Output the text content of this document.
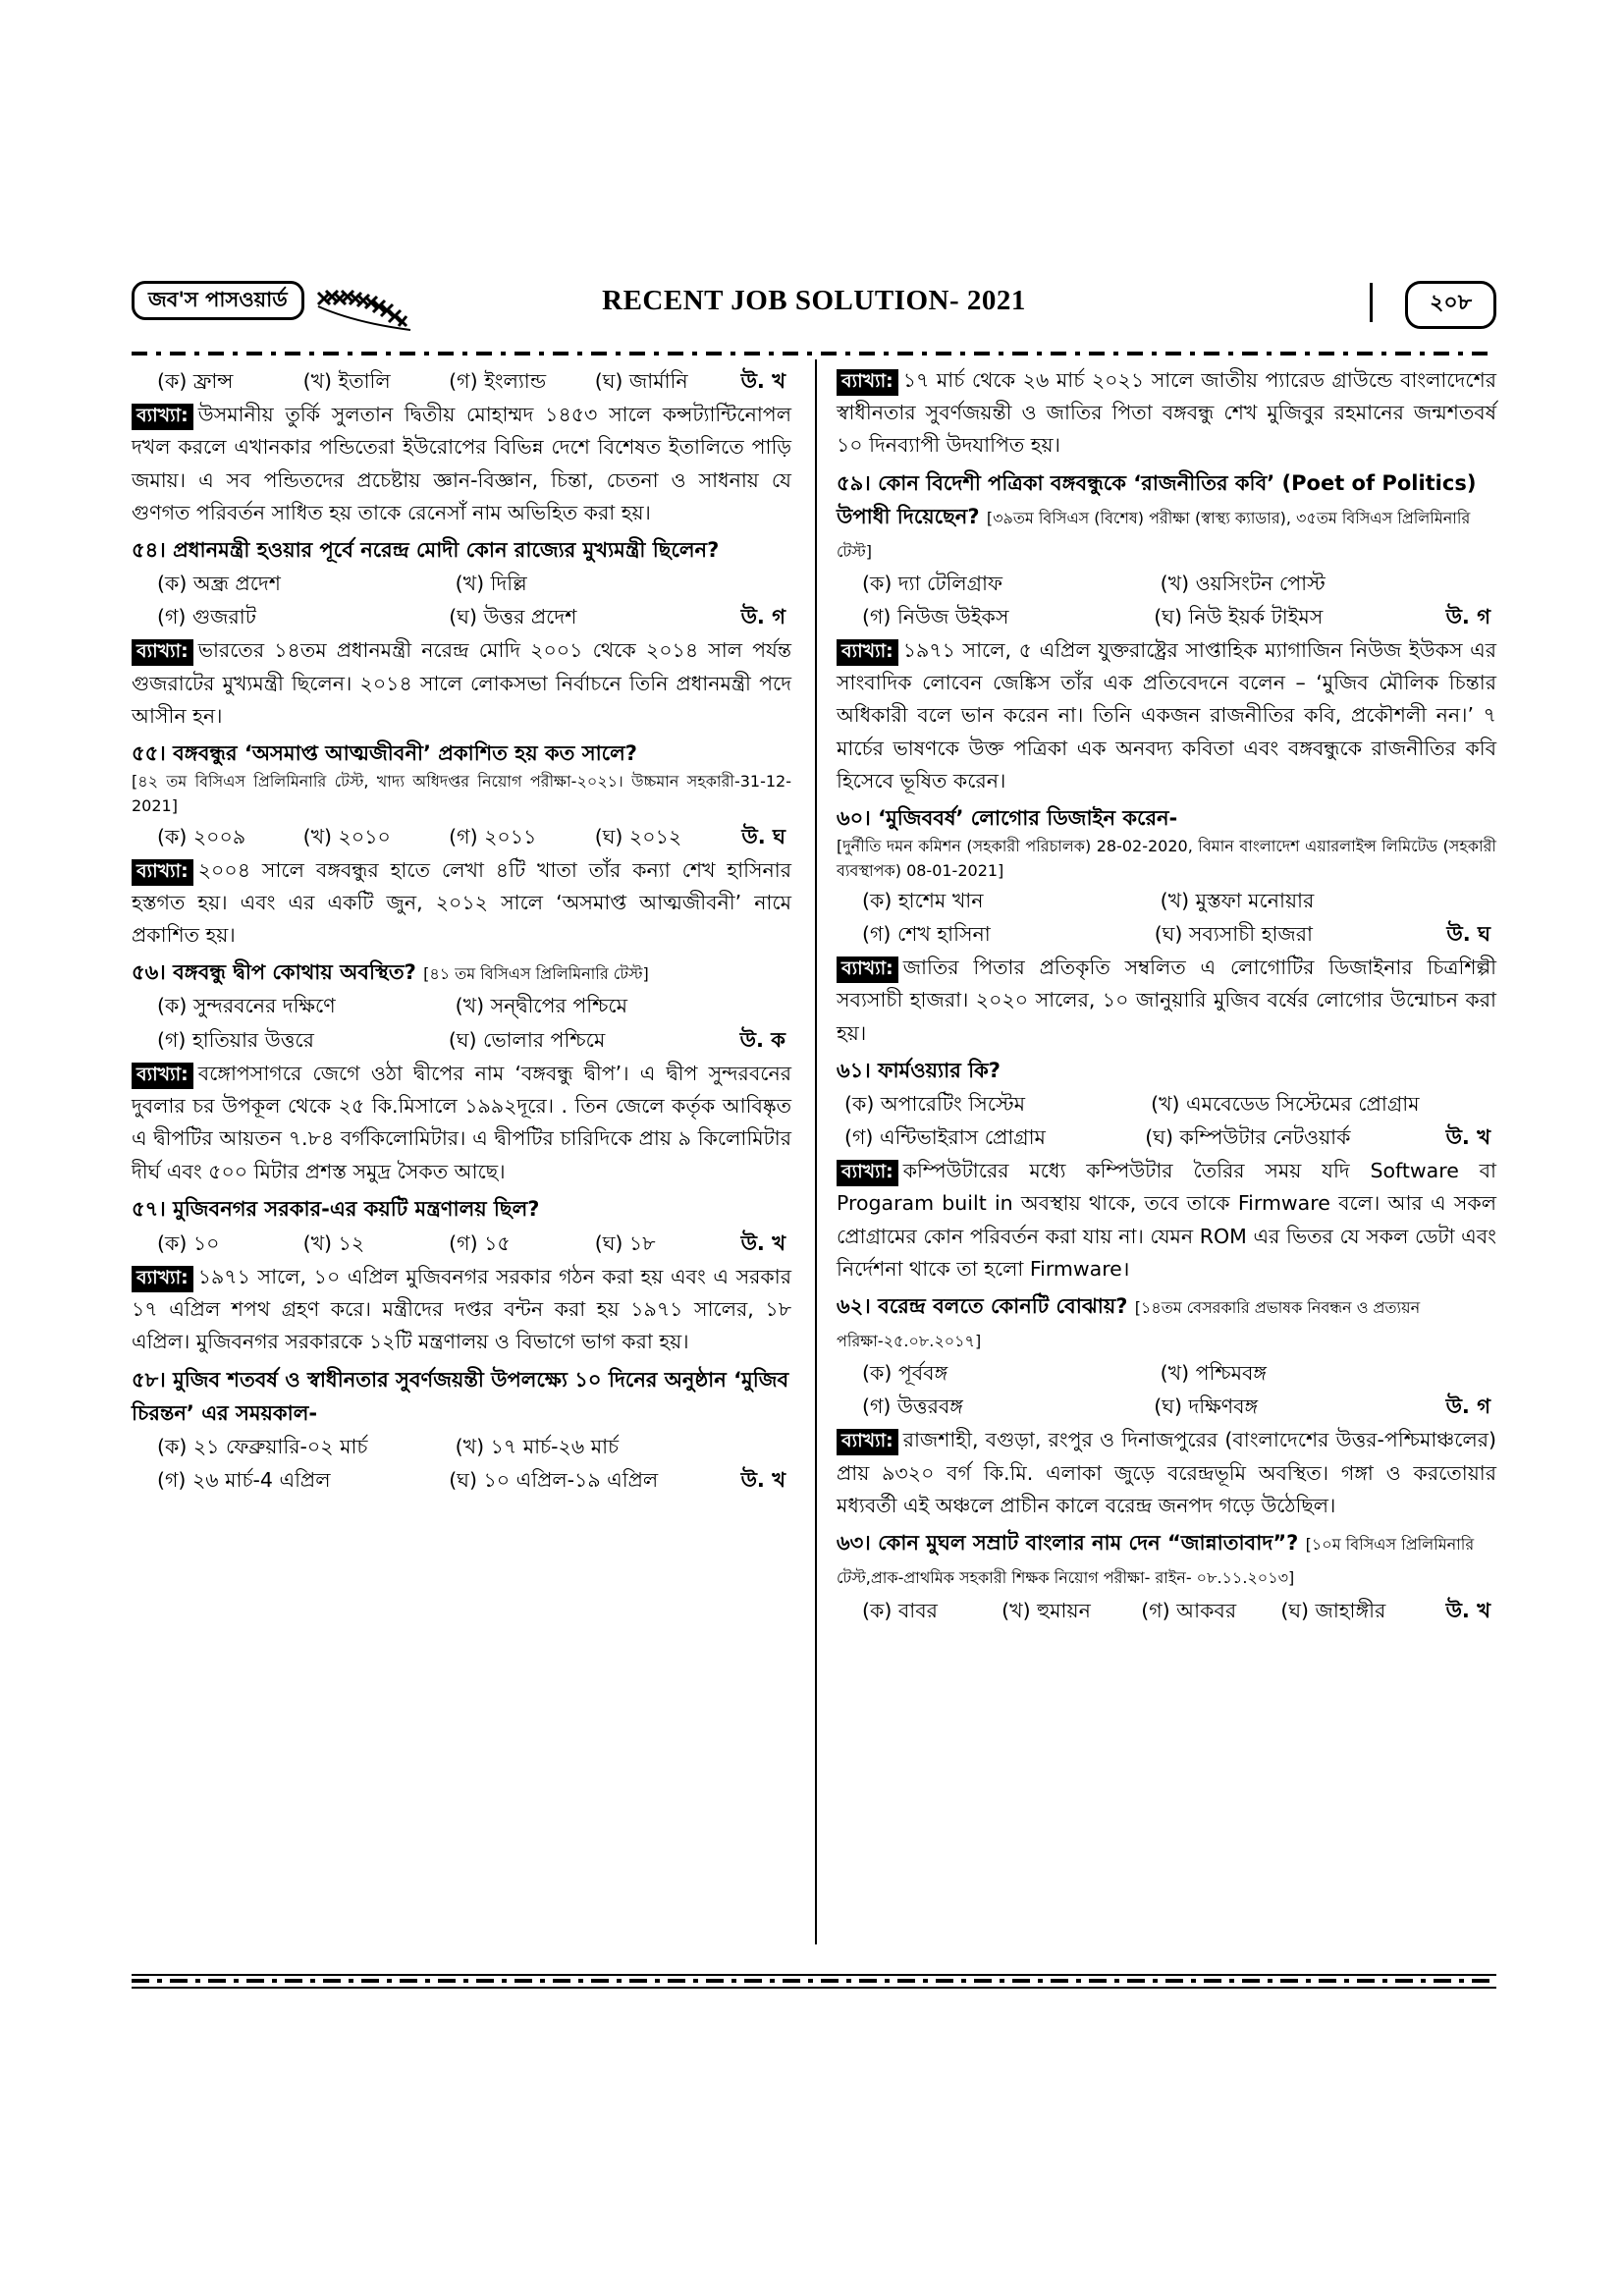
জব'স পাসওয়ার্ড	RECENT JOB SOLUTION- 2021	২০৮
(ক) ফ্রান্স	(খ) ইতালি	(গ) ইংল্যান্ড	(ঘ) জার্মানি	উ. খ
ব্যাখ্যা: উসমানীয় তুর্কি সুলতান দ্বিতীয় মোহাম্মদ ১৪৫৩ সালে কন্সট্যান্টিনোপল দখল করলে এখানকার পন্ডিতেরা ইউরোপের বিভিন্ন দেশে বিশেষত ইতালিতে পাড়ি জমায়। এ সব পন্ডিতদের প্রচেষ্টায় জ্ঞান-বিজ্ঞান, চিন্তা, চেতনা ও সাধনায় যে গুণগত পরিবর্তন সাধিত হয় তাকে রেনেসাঁ নাম অভিহিত করা হয়।
৫৪। প্রধানমন্ত্রী হওয়ার পূর্বে নরেন্দ্র মোদী কোন রাজ্যের মুখ্যমন্ত্রী ছিলেন?
(ক) অন্ধ্র প্রদেশ	(খ) দিল্লি
(গ) গুজরাট	(ঘ) উত্তর প্রদেশ	উ. গ
ব্যাখ্যা: ভারতের ১৪তম প্রধানমন্ত্রী নরেন্দ্র মোদি ২০০১ থেকে ২০১৪ সাল পর্যন্ত গুজরাটের মুখ্যমন্ত্রী ছিলেন। ২০১৪ সালে লোকসভা নির্বাচনে তিনি প্রধানমন্ত্রী পদে আসীন হন।
৫৫। বঙ্গবন্ধুর ‘অসমাপ্ত আত্মজীবনী’ প্রকাশিত হয় কত সালে?
[৪২ তম বিসিএস প্রিলিমিনারি টেস্ট, খাদ্য অধিদপ্তর নিয়োগ পরীক্ষা-২০২১। উচ্চমান সহকারী-31-12-2021]
(ক) ২০০৯	(খ) ২০১০	(গ) ২০১১	(ঘ) ২০১২	উ. ঘ
ব্যাখ্যা: ২০০৪ সালে বঙ্গবন্ধুর হাতে লেখা ৪টি খাতা তাঁর কন্যা শেখ হাসিনার হস্তগত হয়। এবং এর একটি জুন, ২০১২ সালে ‘অসমাপ্ত আত্মজীবনী’ নামে প্রকাশিত হয়।
৫৬। বঙ্গবন্ধু দ্বীপ কোথায় অবস্থিত? [৪১ তম বিসিএস প্রিলিমিনারি টেস্ট]
(ক) সুন্দরবনের দক্ষিণে	(খ) সন্দ্বীপের পশ্চিমে
(গ) হাতিয়ার উত্তরে	(ঘ) ভোলার পশ্চিমে	উ. ক
ব্যাখ্যা: বঙ্গোপসাগরে জেগে ওঠা দ্বীপের নাম ‘বঙ্গবন্ধু দ্বীপ’। এ দ্বীপ সুন্দরবনের দুবলার চর উপকূল থেকে ২৫ কি.মিসালে ১৯৯২দূরে। . তিন জেলে কর্তৃক আবিষ্কৃত এ দ্বীপটির আয়তন ৭.৮৪ বর্গকিলোমিটার। এ দ্বীপটির চারিদিকে প্রায় ৯ কিলোমিটার দীর্ঘ এবং ৫০০ মিটার প্রশস্ত সমুদ্র সৈকত আছে।
৫৭। মুজিবনগর সরকার-এর কয়টি মন্ত্রণালয় ছিল?
(ক) ১০	(খ) ১২	(গ) ১৫	(ঘ) ১৮	উ. খ
ব্যাখ্যা: ১৯৭১ সালে, ১০ এপ্রিল মুজিবনগর সরকার গঠন করা হয় এবং এ সরকার ১৭ এপ্রিল শপথ গ্রহণ করে। মন্ত্রীদের দপ্তর বন্টন করা হয় ১৯৭১ সালের, ১৮ এপ্রিল। মুজিবনগর সরকারকে ১২টি মন্ত্রণালয় ও বিভাগে ভাগ করা হয়।
৫৮। মুজিব শতবর্ষ ও স্বাধীনতার সুবর্ণজয়ন্তী উপলক্ষ্যে ১০ দিনের অনুষ্ঠান ‘মুজিব চিরন্তন’ এর সময়কাল-
(ক) ২১ ফেব্রুয়ারি-০২ মার্চ	(খ) ১৭ মার্চ-২৬ মার্চ
(গ) ২৬ মার্চ-4 এপ্রিল	(ঘ) ১০ এপ্রিল-১৯ এপ্রিল	উ. খ
ব্যাখ্যা: ১৭ মার্চ থেকে ২৬ মার্চ ২০২১ সালে জাতীয় প্যারেড গ্রাউন্ডে বাংলাদেশের স্বাধীনতার সুবর্ণজয়ন্তী ও জাতির পিতা বঙ্গবন্ধু শেখ মুজিবুর রহমানের জন্মশতবর্ষ ১০ দিনব্যাপী উদযাপিত হয়।
৫৯। কোন বিদেশী পত্রিকা বঙ্গবন্ধুকে ‘রাজনীতির কবি’ (Poet of Politics) উপাধী দিয়েছেন? [৩৯তম বিসিএস (বিশেষ) পরীক্ষা (স্বাস্থ্য ক্যাডার), ৩৫তম বিসিএস প্রিলিমিনারি টেস্ট]
(ক) দ্যা টেলিগ্রাফ	(খ) ওয়সিংটন পোস্ট
(গ) নিউজ উইকস	(ঘ) নিউ ইয়র্ক টাইমস	উ. গ
ব্যাখ্যা: ১৯৭১ সালে, ৫ এপ্রিল যুক্তরাষ্ট্রের সাপ্তাহিক ম্যাগাজিন নিউজ ইউকস এর সাংবাদিক লোবেন জেঙ্কিস তাঁর এক প্রতিবেদনে বলেন – ‘মুজিব মৌলিক চিন্তার অধিকারী বলে ভান করেন না। তিনি একজন রাজনীতির কবি, প্রকৌশলী নন।’ ৭ মার্চের ভাষণকে উক্ত পত্রিকা এক অনবদ্য কবিতা এবং বঙ্গবন্ধুকে রাজনীতির কবি হিসেবে ভূষিত করেন।
৬০। ‘মুজিববর্ষ’ লোগোর ডিজাইন করেন-
[দুর্নীতি দমন কমিশন (সহকারী পরিচালক) 28-02-2020, বিমান বাংলাদেশ এয়ারলাইন্স লিমিটেড (সহকারী ব্যবস্থাপক) 08-01-2021]
(ক) হাশেম খান	(খ) মুস্তফা মনোয়ার
(গ) শেখ হাসিনা	(ঘ) সব্যসাচী হাজরা	উ. ঘ
ব্যাখ্যা: জাতির পিতার প্রতিকৃতি সম্বলিত এ লোগোটির ডিজাইনার চিত্রশিল্পী সব্যসাচী হাজরা। ২০২০ সালের, ১০ জানুয়ারি মুজিব বর্ষের লোগোর উন্মোচন করা হয়।
৬১। ফার্মওয়্যার কি?
(ক) অপারেটিং সিস্টেম	(খ) এমবেডেড সিস্টেমের প্রোগ্রাম
(গ) এন্টিভাইরাস প্রোগ্রাম	(ঘ) কম্পিউটার নেটওয়ার্ক	উ. খ
ব্যাখ্যা: কম্পিউটারের মধ্যে কম্পিউটার তৈরির সময় যদি Software বা Progaram built in অবস্থায় থাকে, তবে তাকে Firmware বলে। আর এ সকল প্রোগ্রামের কোন পরিবর্তন করা যায় না। যেমন ROM এর ভিতর যে সকল ডেটা এবং নির্দেশনা থাকে তা হলো Firmware।
৬২। বরেন্দ্র বলতে কোনটি বোঝায়? [১৪তম বেসরকারি প্রভাষক নিবন্ধন ও প্রত্যয়ন পরিক্ষা-২৫.০৮.২০১৭]
(ক) পূর্ববঙ্গ	(খ) পশ্চিমবঙ্গ
(গ) উত্তরবঙ্গ	(ঘ) দক্ষিণবঙ্গ	উ. গ
ব্যাখ্যা: রাজশাহী, বগুড়া, রংপুর ও দিনাজপুরের (বাংলাদেশের উত্তর-পশ্চিমাঞ্চলের) প্রায় ৯৩২০ বর্গ কি.মি. এলাকা জুড়ে বরেন্দ্রভূমি অবস্থিত। গঙ্গা ও করতোয়ার মধ্যবর্তী এই অঞ্চলে প্রাচীন কালে বরেন্দ্র জনপদ গড়ে উঠেছিল।
৬৩। কোন মুঘল সম্রাট বাংলার নাম দেন “জান্নাতাবাদ”? [১০ম বিসিএস প্রিলিমিনারি টেস্ট,প্রাক-প্রাথমিক সহকারী শিক্ষক নিয়োগ পরীক্ষা- রাইন- ০৮.১১.২০১৩]
(ক) বাবর	(খ) হুমায়ন	(গ) আকবর	(ঘ) জাহাঙ্গীর	উ. খ
